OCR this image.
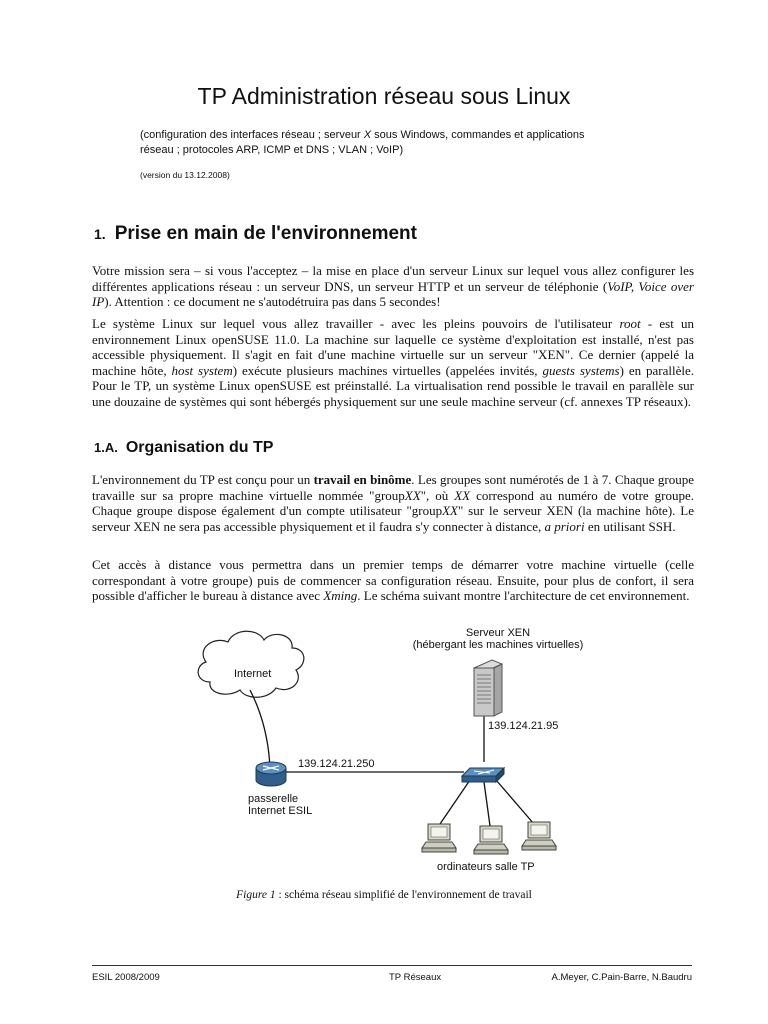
TP Administration réseau sous Linux
(configuration des interfaces réseau ; serveur X sous Windows, commandes et applications
réseau ; protocoles ARP, ICMP et DNS ; VLAN ; VoIP)
(version du 13.12.2008)
1. Prise en main de l'environnement
Votre mission sera – si vous l'acceptez – la mise en place d'un serveur Linux sur lequel vous allez configurer les différentes applications réseau : un serveur DNS, un serveur HTTP et un serveur de téléphonie (VoIP, Voice over IP). Attention : ce document ne s'autodétruira pas dans 5 secondes!
Le système Linux sur lequel vous allez travailler - avec les pleins pouvoirs de l'utilisateur root - est un environnement Linux openSUSE 11.0. La machine sur laquelle ce système d'exploitation est installé, n'est pas accessible physiquement. Il s'agit en fait d'une machine virtuelle sur un serveur "XEN". Ce dernier (appelé la machine hôte, host system) exécute plusieurs machines virtuelles (appelées invités, guests systems) en parallèle. Pour le TP, un système Linux openSUSE est préinstallé. La virtualisation rend possible le travail en parallèle sur une douzaine de systèmes qui sont hébergés physiquement sur une seule machine serveur (cf. annexes TP réseaux).
1.A. Organisation du TP
L'environnement du TP est conçu pour un travail en binôme. Les groupes sont numérotés de 1 à 7. Chaque groupe travaille sur sa propre machine virtuelle nommée "groupXX", où XX correspond au numéro de votre groupe. Chaque groupe dispose également d'un compte utilisateur "groupXX" sur le serveur XEN (la machine hôte). Le serveur XEN ne sera pas accessible physiquement et il faudra s'y connecter à distance, a priori en utilisant SSH.
Cet accès à distance vous permettra dans un premier temps de démarrer votre machine virtuelle (celle correspondant à votre groupe) puis de commencer sa configuration réseau. Ensuite, pour plus de confort, il sera possible d'afficher le bureau à distance avec Xming. Le schéma suivant montre l'architecture de cet environnement.
Serveur XEN
(hébergant les machines virtuelles)
Internet
139.124.21.95
139.124.21.250
passerelle
Internet ESIL
ordinateurs salle TP
Figure 1 : schéma réseau simplifié de l'environnement de travail
ESIL 2008/2009	TP Réseaux	A.Meyer, C.Pain-Barre, N.Baudru
